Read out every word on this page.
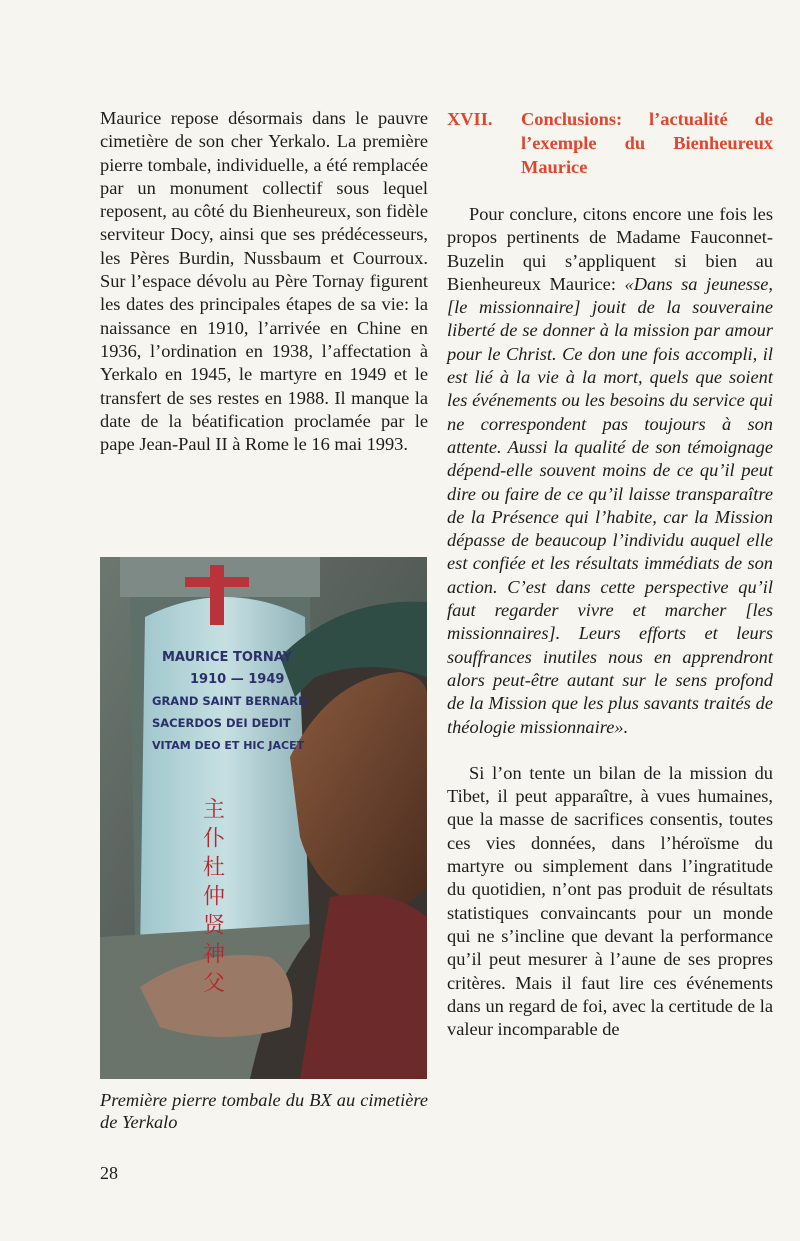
Maurice repose désormais dans le pauvre cimetière de son cher Yerkalo. La première pierre tombale, individuelle, a été remplacée par un monument collectif sous lequel reposent, au côté du Bienheureux, son fidèle serviteur Docy, ainsi que ses prédécesseurs, les Pères Burdin, Nussbaum et Courroux. Sur l’espace dévolu au Père Tornay figurent les dates des principales étapes de sa vie: la naissance en 1910, l’arrivée en Chine en 1936, l’ordination en 1938, l’affectation à Yerkalo en 1945, le martyre en 1949 et le transfert de ses restes en 1988. Il manque la date de la béatification proclamée par le pape Jean-Paul II à Rome le 16 mai 1993.

MAURICE TORNAY
1910 — 1949
GRAND SAINT BERNARD
SACERDOS DEI DEDIT
VITAM DEO ET HIC JACET
主 仆 杜 仲 贤 神 父
Première pierre tombale du BX au cimetière de Yerkalo
XVII.	Conclusions: l’actualité de l’exemple du Bienheureux Maurice

Pour conclure, citons encore une fois les propos pertinents de Madame Fauconnet-Buzelin qui s’appliquent si bien au Bienheureux Maurice: «Dans sa jeunesse, [le missionnaire] jouit de la souveraine liberté de se donner à la mission par amour pour le Christ. Ce don une fois accompli, il est lié à la vie à la mort, quels que soient les événements ou les besoins du service qui ne correspondent pas toujours à son attente. Aussi la qualité de son témoignage dépend-elle souvent moins de ce qu’il peut dire ou faire de ce qu’il laisse transparaître de la Présence qui l’habite, car la Mission dépasse de beaucoup l’individu auquel elle est confiée et les résultats immédiats de son action. C’est dans cette perspective qu’il faut regarder vivre et marcher [les missionnaires]. Leurs efforts et leurs souffrances inutiles nous en apprendront alors peut-être autant sur le sens profond de la Mission que les plus savants traités de théologie missionnaire».

Si l’on tente un bilan de la mission du Tibet, il peut apparaître, à vues humaines, que la masse de sacrifices consentis, toutes ces vies données, dans l’héroïsme du martyre ou simplement dans l’ingratitude du quotidien, n’ont pas produit de résultats statistiques convaincants pour un monde qui ne s’incline que devant la performance qu’il peut mesurer à l’aune de ses propres critères. Mais il faut lire ces événements dans un regard de foi, avec la certitude de la valeur incomparable de

28
